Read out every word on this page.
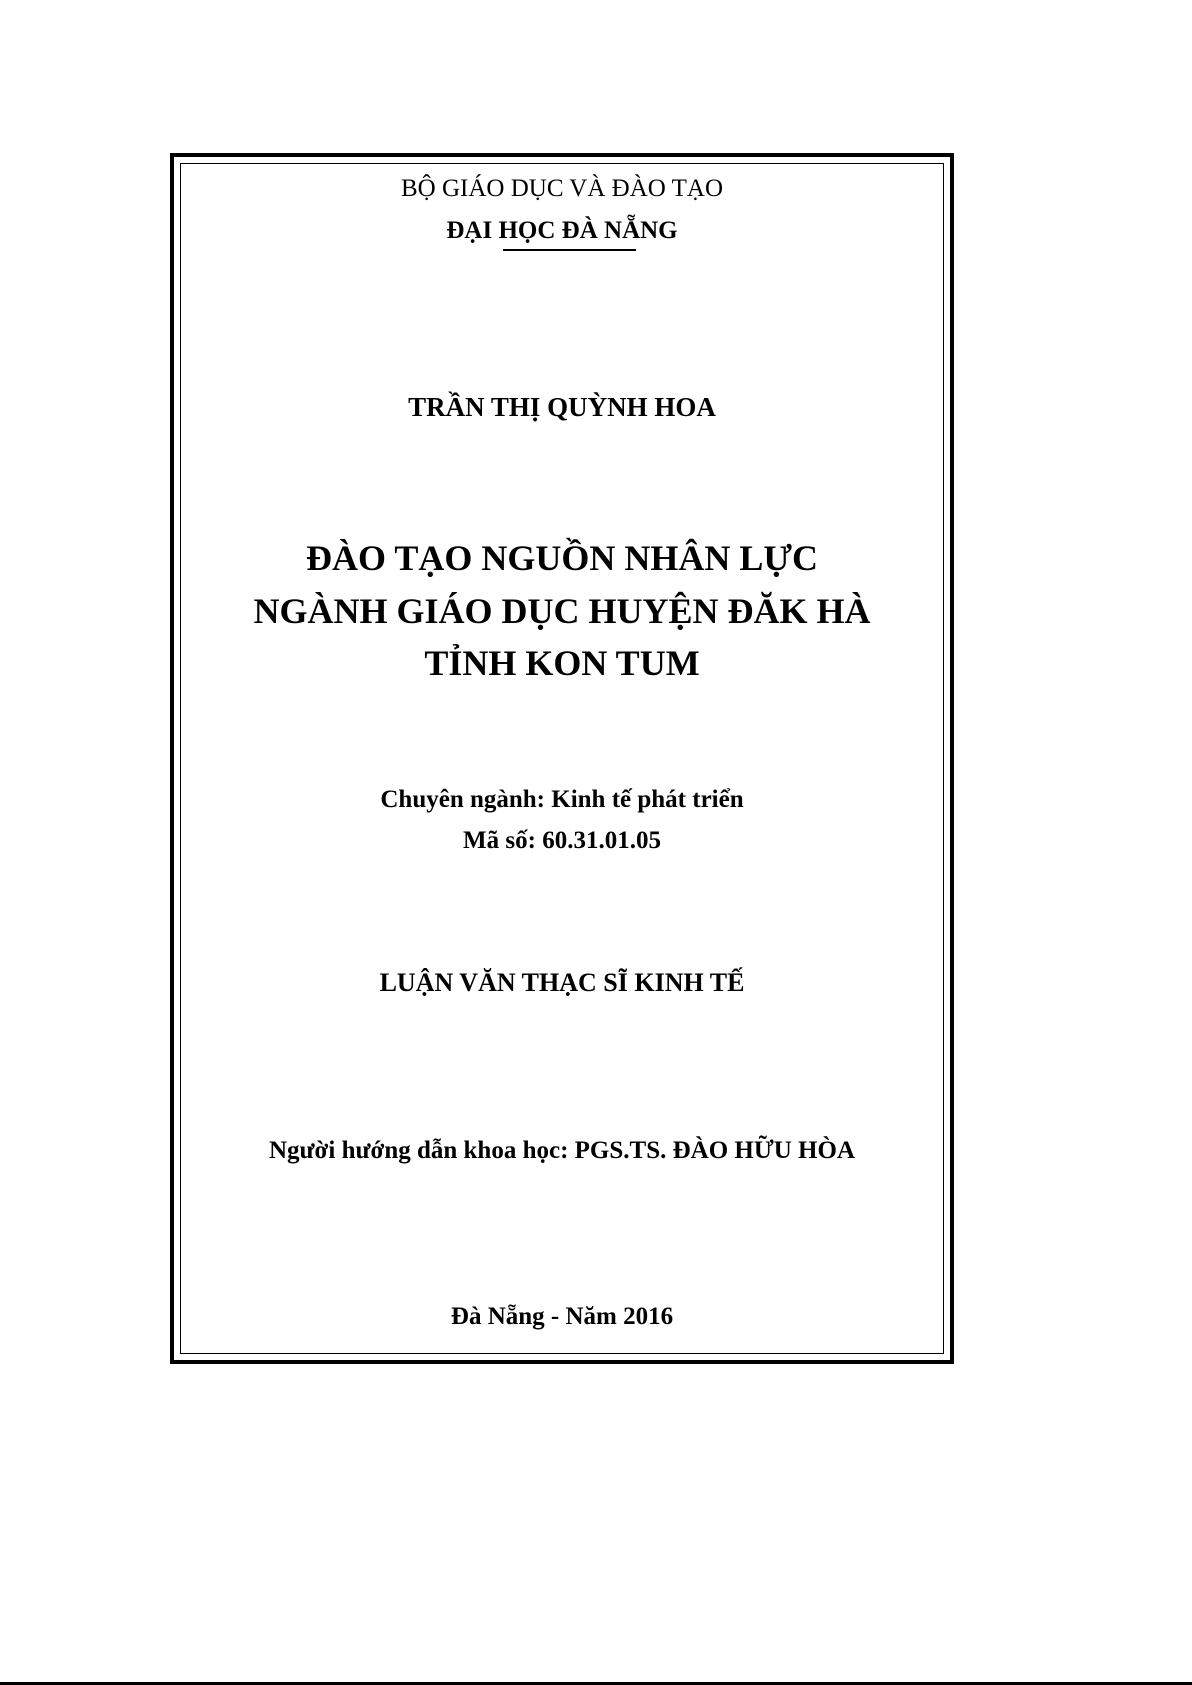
BỘ GIÁO DỤC VÀ ĐÀO TẠO
ĐẠI HỌC ĐÀ NẴNG
TRẦN THỊ QUỲNH HOA
ĐÀO TẠO NGUỒN NHÂN LỰC
NGÀNH GIÁO DỤC HUYỆN ĐĂK HÀ
TỈNH KON TUM
Chuyên ngành: Kinh tế phát triển
Mã số: 60.31.01.05
LUẬN VĂN THẠC SĨ KINH TẾ
Người hướng dẫn khoa học: PGS.TS. ĐÀO HỮU HÒA
Đà Nẵng - Năm 2016
